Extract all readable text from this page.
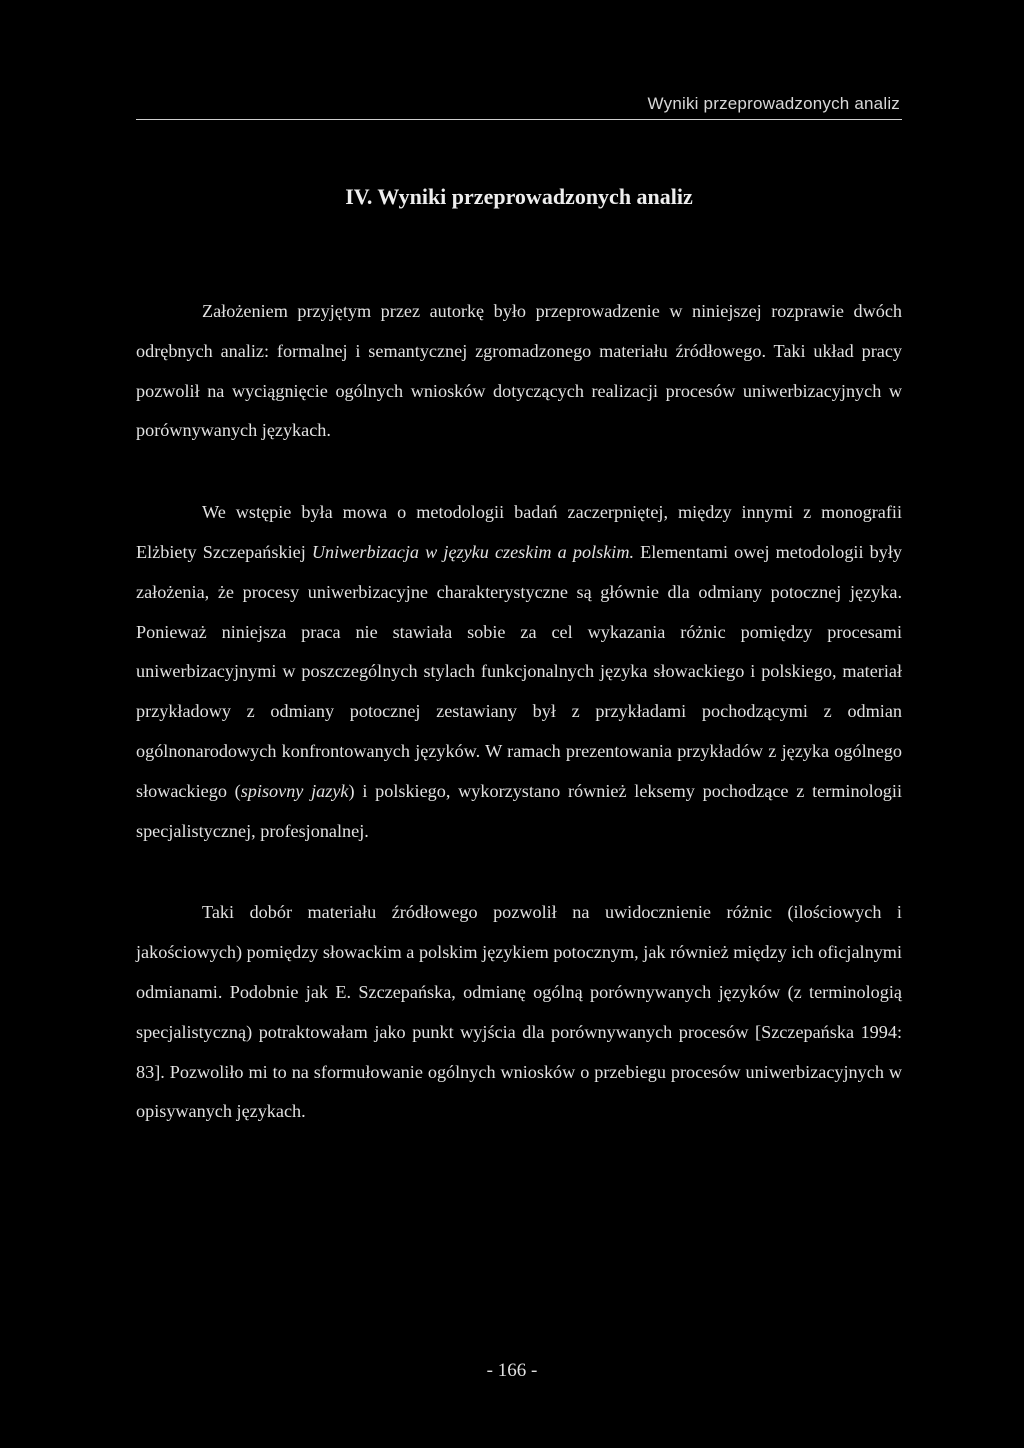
Wyniki przeprowadzonych analiz
IV. Wyniki przeprowadzonych analiz

Założeniem przyjętym przez autorkę było przeprowadzenie w niniejszej rozprawie dwóch odrębnych analiz: formalnej i semantycznej zgromadzonego materiału źródłowego. Taki układ pracy pozwolił na wyciągnięcie ogólnych wniosków dotyczących realizacji procesów uniwerbizacyjnych w porównywanych językach.

We wstępie była mowa o metodologii badań zaczerpniętej, między innymi z monografii Elżbiety Szczepańskiej Uniwerbizacja w języku czeskim a polskim. Elementami owej metodologii były założenia, że procesy uniwerbizacyjne charakterystyczne są głównie dla odmiany potocznej języka. Ponieważ niniejsza praca nie stawiała sobie za cel wykazania różnic pomiędzy procesami uniwerbizacyjnymi w poszczególnych stylach funkcjonalnych języka słowackiego i polskiego, materiał przykładowy z odmiany potocznej zestawiany był z przykładami pochodzącymi z odmian ogólnonarodowych konfrontowanych języków. W ramach prezentowania przykładów z języka ogólnego słowackiego (spisovny jazyk) i polskiego, wykorzystano również leksemy pochodzące z terminologii specjalistycznej, profesjonalnej.

Taki dobór materiału źródłowego pozwolił na uwidocznienie różnic (ilościowych i jakościowych) pomiędzy słowackim a polskim językiem potocznym, jak również między ich oficjalnymi odmianami. Podobnie jak E. Szczepańska, odmianę ogólną porównywanych języków (z terminologią specjalistyczną) potraktowałam jako punkt wyjścia dla porównywanych procesów [Szczepańska 1994: 83]. Pozwoliło mi to na sformułowanie ogólnych wniosków o przebiegu procesów uniwerbizacyjnych w opisywanych językach.

- 166 -
